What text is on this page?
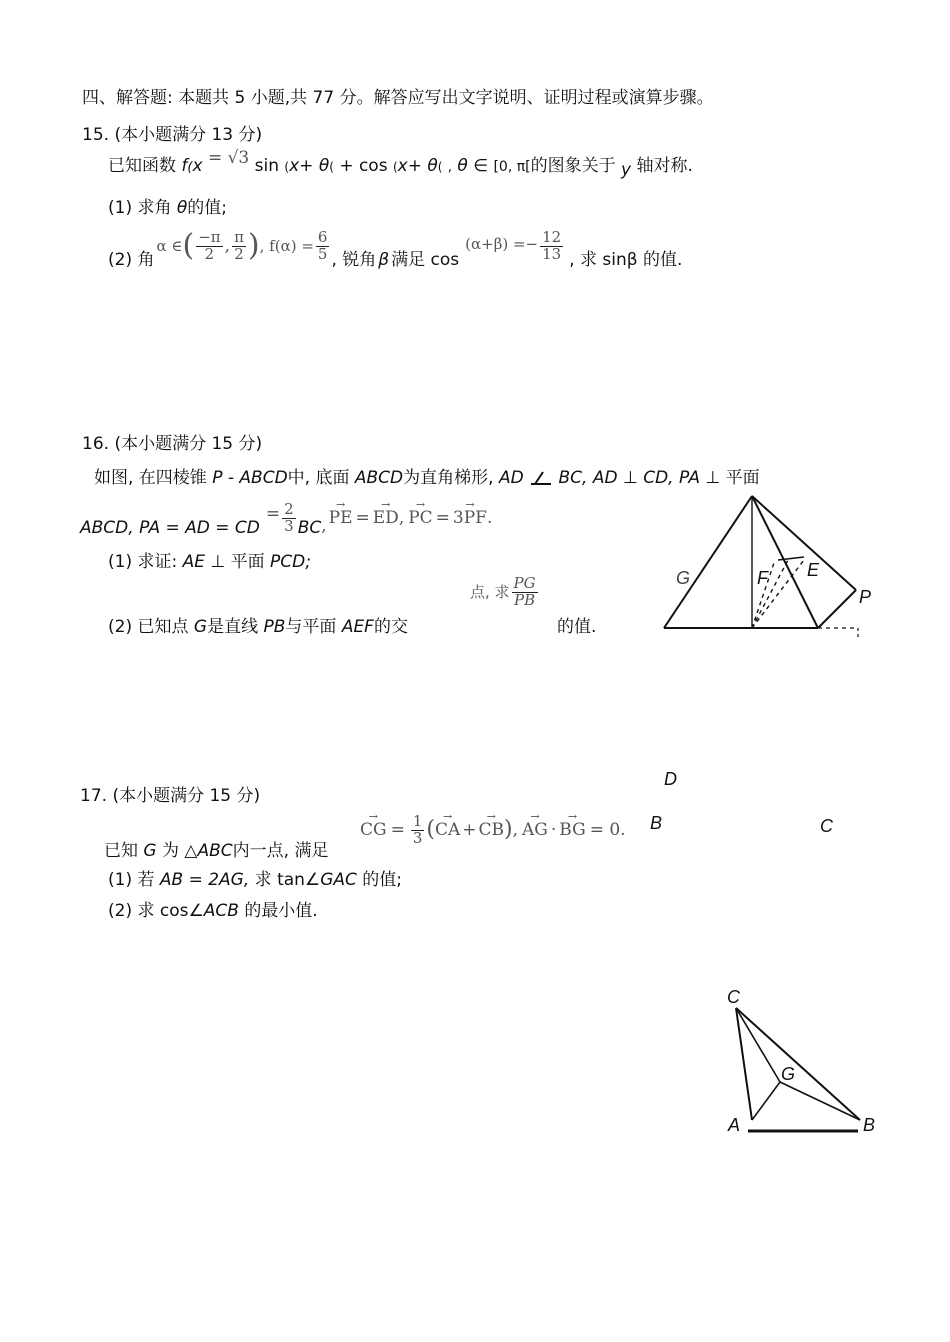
四、解答题: 本题共 5 小题,共 77 分。解答应写出文字说明、证明过程或演算步骤。
15. (本小题满分 13 分)
已知函数 f(x = √3 sin (x+ θ( + cos (x+ θ( , θ ∈ [0, π[的图象关于 y 轴对称.
(1) 求角 θ的值;
(2) 角
α ∈ ( $\frac{-\pi}{2}$ , $\frac{\pi}{2}$ ) , $f(\alpha) = \frac{6}{5}$ , 锐角 β 满足 cos
$(\alpha+\beta) =- \frac{12}{13}$ , 求 sinβ 的值.
16. (本小题满分 15 分)
如图, 在四棱锥 P - ABCD中, 底面 ABCD为直角梯形, AD BC, AD ⊥ CD, PA ⊥ 平面
ABCD , PA = AD = CD
= $\frac{2}{3}$ BC , → PE = → ED , → PC = → 3PF .
(1) 求证: AE ⊥ 平面 PCD;
(2) 已知点 G是直线 PB与平面 AEF的交
点, 求 $\frac{PG}{PB}$
的值.
17. (本小题满分 15 分)
→ CG = $\frac{1}{3}$ ( → CA + → CB ) , → AG · → BG = 0.
已知 G 为 △ABC内一点, 满足
(1) 若 AB = 2AG, 求 tan∠GAC 的值;
(2) 求 cos∠ACB 的最小值.
G	F E
P
D
B	C
C
G
A	B
